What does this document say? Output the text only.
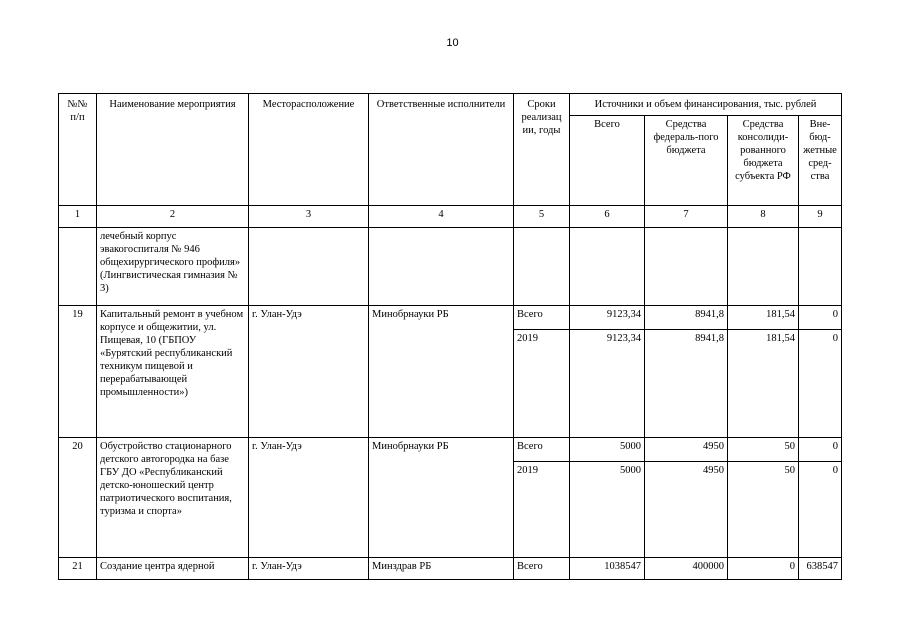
10
№№ п/п	Наименование мероприятия	Месторасположение	Ответственные исполнители	Сроки реализац ии, годы	Источники и объем финансирования, тыс. рублей			
					Всего	Средства федераль-пого бюджета	Средства консолиди-рованного бюджета субъекта РФ	Вне-бюд-жетные сред-ства
1	2	3	4	5	6	7	8	9
	лечебный корпус эвакогоспиталя № 946 общехирургического профиля» (Лингвистическая гимназия № 3)							
19	Капитальный ремонт в учебном корпусе и общежитии, ул. Пищевая, 10 (ГБПОУ «Бурятский республиканский техникум пищевой и перерабатывающей промышленности»)	г. Улан-Удэ	Минобрнауки РБ	Всего	9123,34	8941,8	181,54	0
				2019	9123,34	8941,8	181,54	0
20	Обустройство стационарного детского автогородка на базе ГБУ ДО «Республиканский детско-юношеский центр патриотического воспитания, туризма и спорта»	г. Улан-Удэ	Минобрнауки РБ	Всего	5000	4950	50	0
				2019	5000	4950	50	0
21	Создание центра ядерной	г. Улан-Удэ	Минздрав РБ	Всего	1038547	400000	0	638547
